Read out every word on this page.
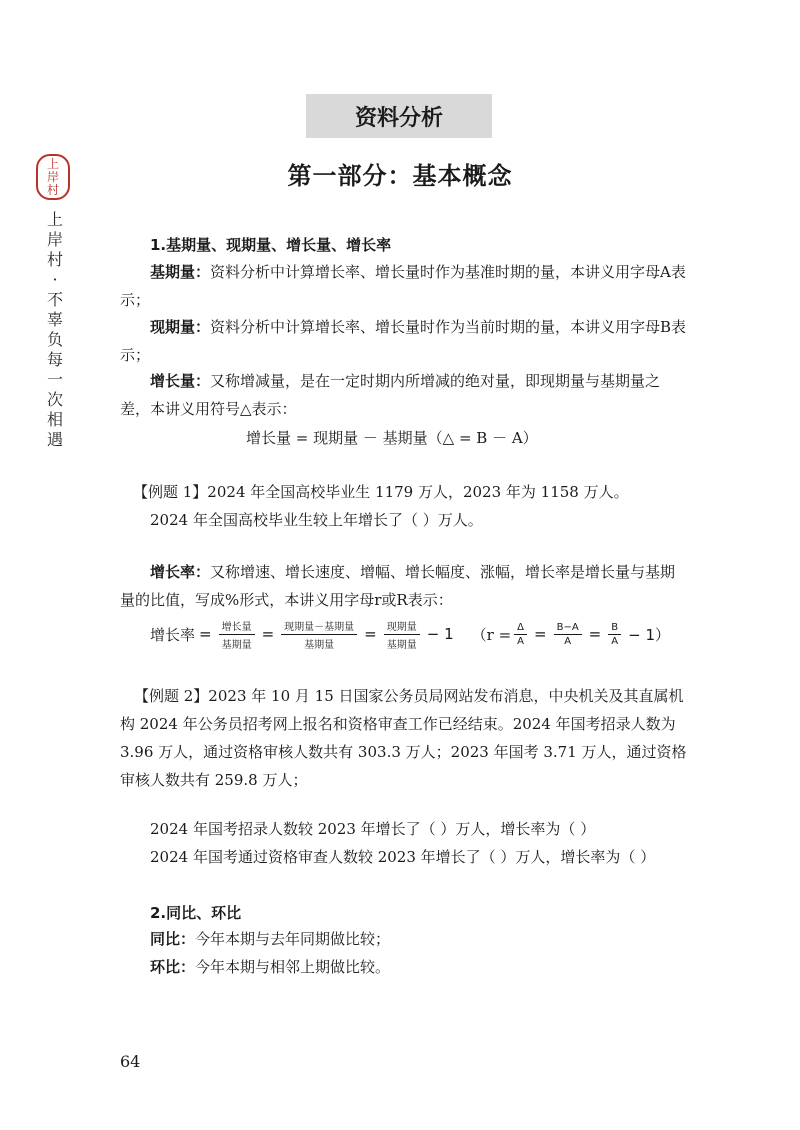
上岸村
上岸村·不辜负每一次相遇
资料分析
第一部分：基本概念
1.基期量、现期量、增长量、增长率
基期量：资料分析中计算增长率、增长量时作为基准时期的量，本讲义用字母A表示；
现期量：资料分析中计算增长率、增长量时作为当前时期的量，本讲义用字母B表示；
增长量：又称增减量，是在一定时期内所增减的绝对量，即现期量与基期量之差，本讲义用符号△表示：
增长量 = 现期量 － 基期量（△ = B － A）
【例题 1】2024 年全国高校毕业生 1179 万人，2023 年为 1158 万人。
2024 年全国高校毕业生较上年增长了（ ）万人。
增长率：又称增速、增长速度、增幅、增长幅度、涨幅，增长率是增长量与基期量的比值，写成%形式，本讲义用字母r或R表示：
增长率 = $\frac{\text{增长量}}{\text{基期量}} = \frac{\text{现期量－基期量}}{\text{基期量}} = \frac{\text{现期量}}{\text{基期量}} - 1$ $(r = \frac{\Delta}{A} = \frac{B-A}{A} = \frac{B}{A} - 1)$
【例题 2】2023 年 10 月 15 日国家公务员局网站发布消息，中央机关及其直属机构 2024 年公务员招考网上报名和资格审查工作已经结束。2024 年国考招录人数为 3.96 万人，通过资格审核人数共有 303.3 万人；2023 年国考 3.71 万人，通过资格审核人数共有 259.8 万人；
2024 年国考招录人数较 2023 年增长了（ ）万人，增长率为（ ）
2024 年国考通过资格审查人数较 2023 年增长了（ ）万人，增长率为（ ）
2.同比、环比
同比：今年本期与去年同期做比较；
环比：今年本期与相邻上期做比较。
64
